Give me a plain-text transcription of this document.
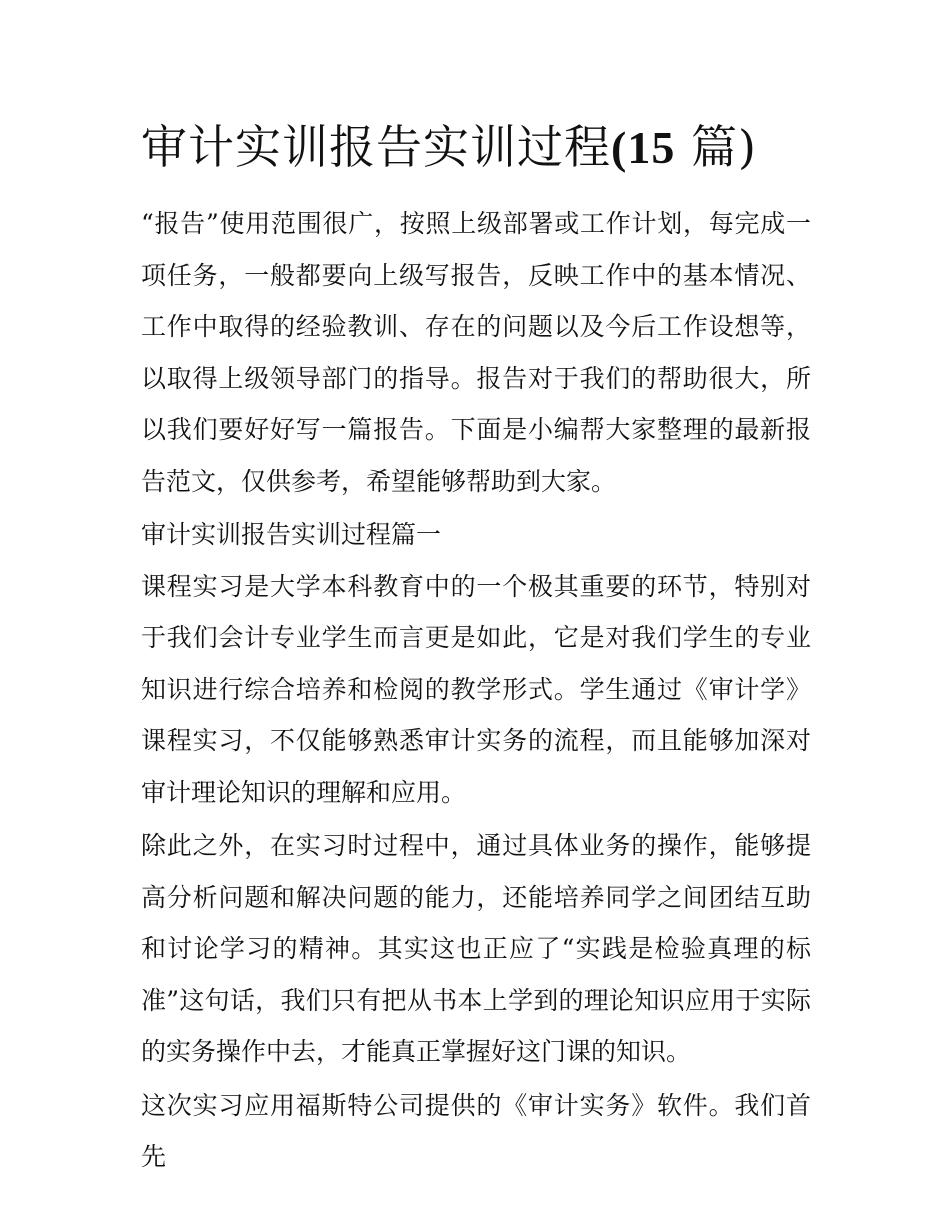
审计实训报告实训过程(15 篇)

“报告”使用范围很广，按照上级部署或工作计划，每完成一项任务，一般都要向上级写报告，反映工作中的基本情况、工作中取得的经验教训、存在的问题以及今后工作设想等，以取得上级领导部门的指导。报告对于我们的帮助很大，所以我们要好好写一篇报告。下面是小编帮大家整理的最新报告范文，仅供参考，希望能够帮助到大家。

审计实训报告实训过程篇一

课程实习是大学本科教育中的一个极其重要的环节，特别对于我们会计专业学生而言更是如此，它是对我们学生的专业知识进行综合培养和检阅的教学形式。学生通过《审计学》课程实习，不仅能够熟悉审计实务的流程，而且能够加深对审计理论知识的理解和应用。

除此之外，在实习时过程中，通过具体业务的操作，能够提高分析问题和解决问题的能力，还能培养同学之间团结互助和讨论学习的精神。其实这也正应了“实践是检验真理的标准”这句话，我们只有把从书本上学到的理论知识应用于实际的实务操作中去，才能真正掌握好这门课的知识。

这次实习应用福斯特公司提供的《审计实务》软件。我们首先
